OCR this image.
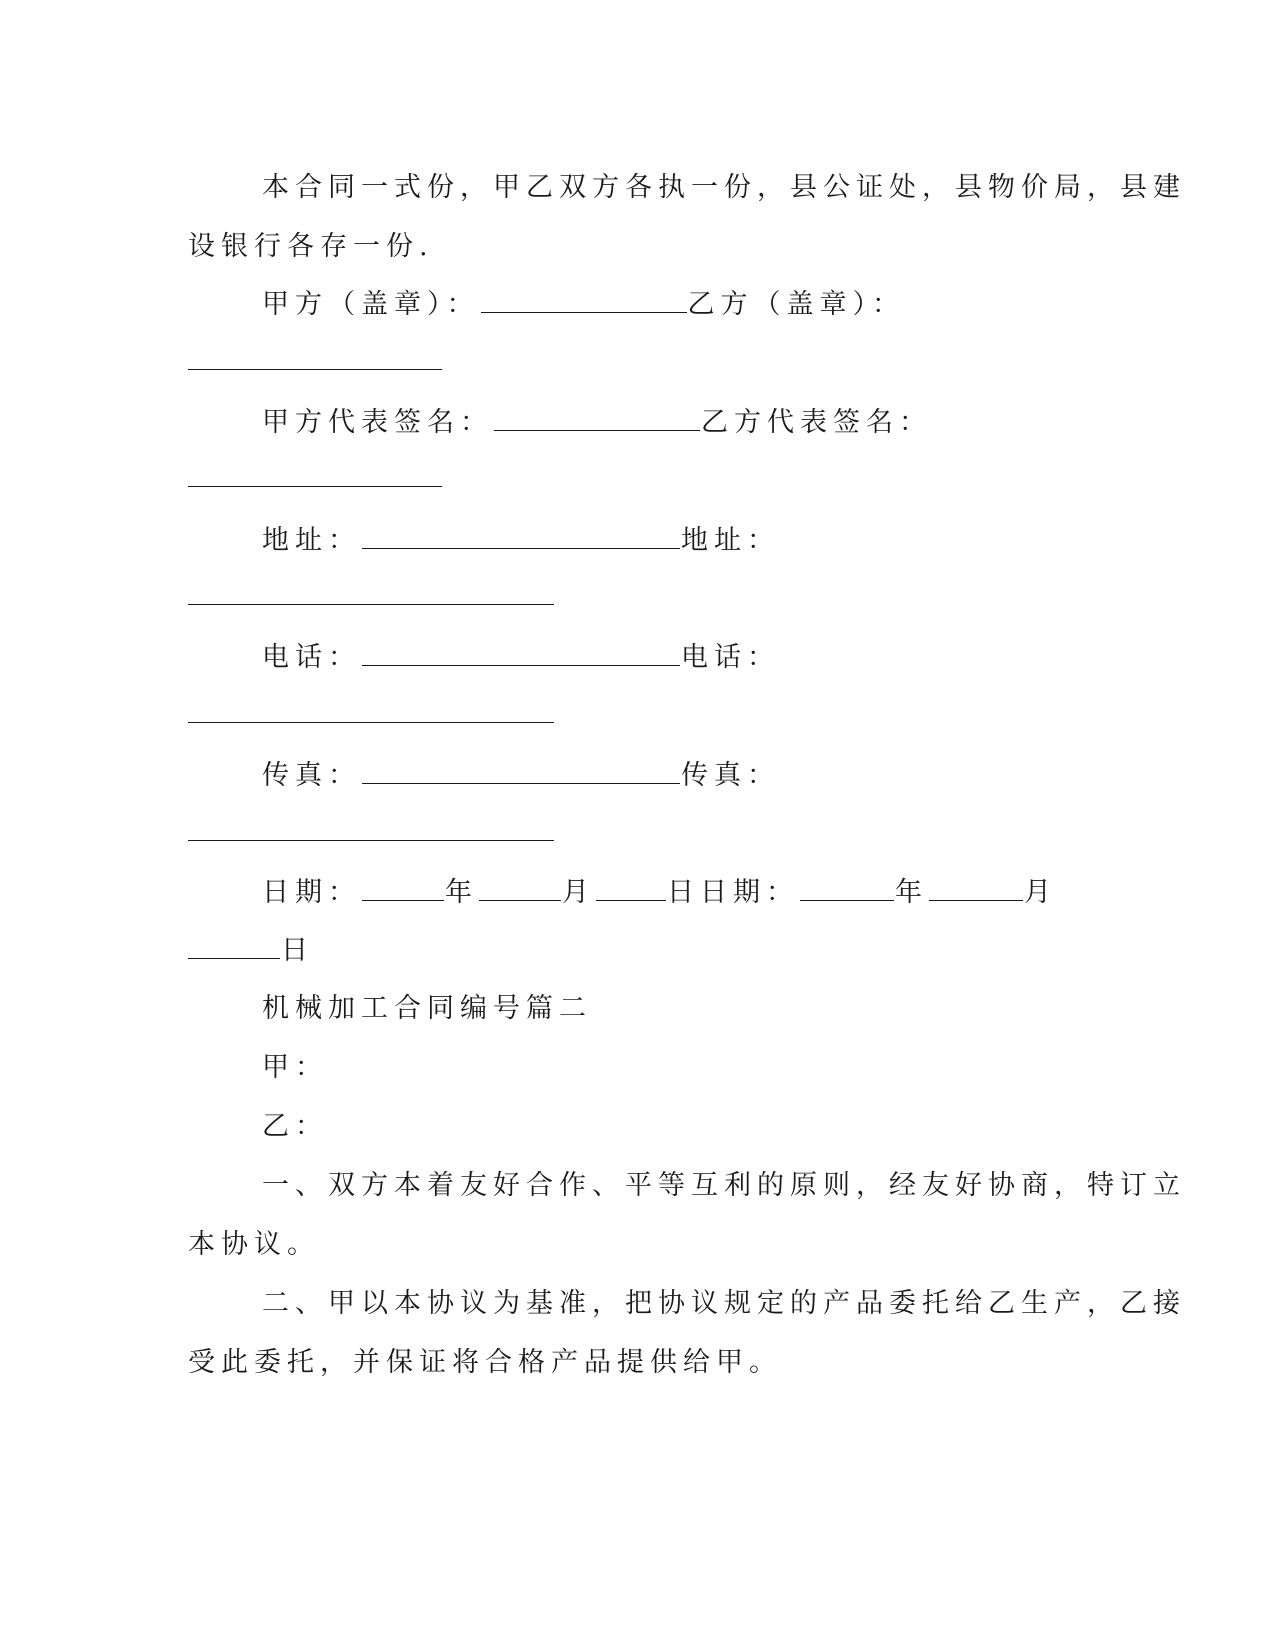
本合同一式份，甲乙双方各执一份，县公证处，县物价局，县建
设银行各存一份.
甲方（盖章）：	乙方（盖章）：
甲方代表签名：	乙方代表签名：
地址：	地址：
电话：	电话：
传真：	传真：
日期：	年	月	日日期：	年	月
日
机械加工合同编号篇二
甲：
乙：
一、双方本着友好合作、平等互利的原则，经友好协商，特订立
本协议。
二、甲以本协议为基准，把协议规定的产品委托给乙生产，乙接
受此委托，并保证将合格产品提供给甲。
